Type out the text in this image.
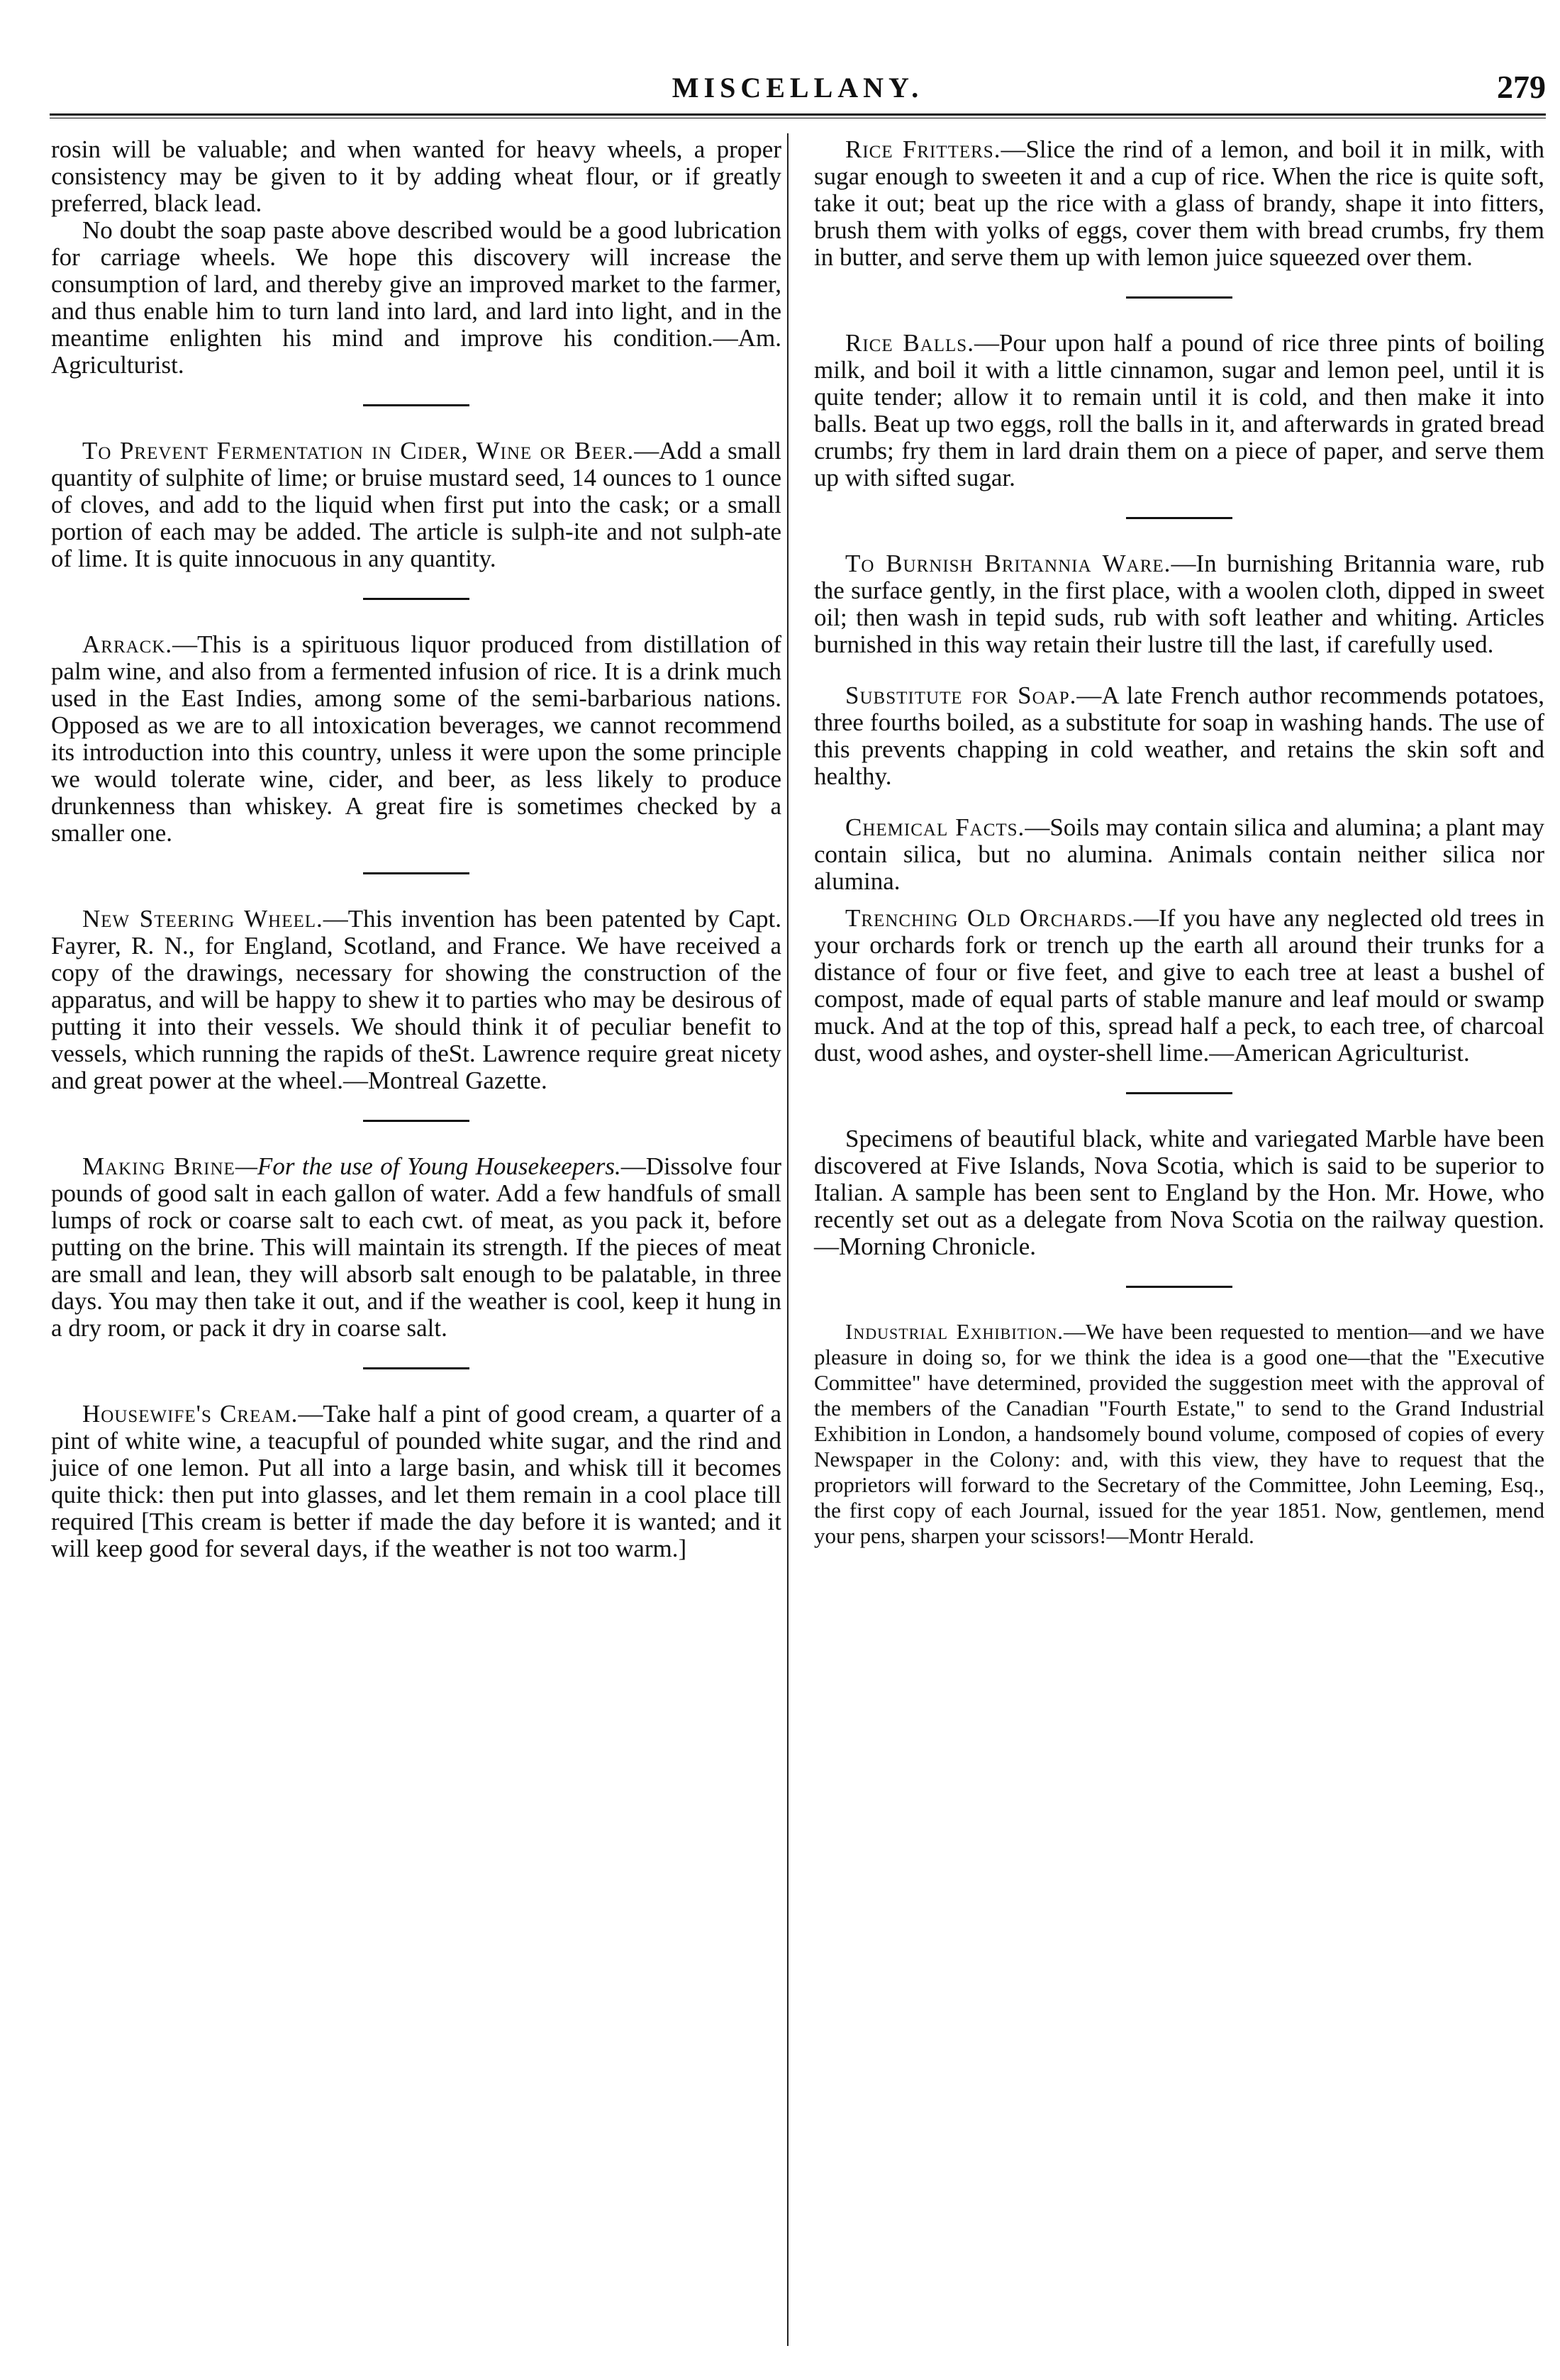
MISCELLANY.	279

rosin will be valuable; and when wanted for heavy wheels, a proper consistency may be given to it by adding wheat flour, or if greatly preferred, black lead.

No doubt the soap paste above described would be a good lubrication for carriage wheels. We hope this discovery will increase the consumption of lard, and thereby give an improved market to the farmer, and thus enable him to turn land into lard, and lard into light, and in the meantime enlighten his mind and improve his condition.—Am. Agriculturist.

To Prevent Fermentation in Cider, Wine or Beer.—Add a small quantity of sulphite of lime; or bruise mustard seed, 14 ounces to 1 ounce of cloves, and add to the liquid when first put into the cask; or a small portion of each may be added. The article is sulph-ite and not sulph-ate of lime. It is quite innocuous in any quantity.

Arrack.—This is a spirituous liquor produced from distillation of palm wine, and also from a fermented infusion of rice. It is a drink much used in the East Indies, among some of the semi-barbarious nations. Opposed as we are to all intoxication beverages, we cannot recommend its introduction into this country, unless it were upon the some principle we would tolerate wine, cider, and beer, as less likely to produce drunkenness than whiskey. A great fire is sometimes checked by a smaller one.

New Steering Wheel.—This invention has been patented by Capt. Fayrer, R. N., for England, Scotland, and France. We have received a copy of the drawings, necessary for showing the construction of the apparatus, and will be happy to shew it to parties who may be desirous of putting it into their vessels. We should think it of peculiar benefit to vessels, which running the rapids of theSt. Lawrence require great nicety and great power at the wheel.—Montreal Gazette.

Making Brine—For the use of Young Housekeepers.—Dissolve four pounds of good salt in each gallon of water. Add a few handfuls of small lumps of rock or coarse salt to each cwt. of meat, as you pack it, before putting on the brine. This will maintain its strength. If the pieces of meat are small and lean, they will absorb salt enough to be palatable, in three days. You may then take it out, and if the weather is cool, keep it hung in a dry room, or pack it dry in coarse salt.

Housewife's Cream.—Take half a pint of good cream, a quarter of a pint of white wine, a teacupful of pounded white sugar, and the rind and juice of one lemon. Put all into a large basin, and whisk till it becomes quite thick: then put into glasses, and let them remain in a cool place till required [This cream is better if made the day before it is wanted; and it will keep good for several days, if the weather is not too warm.]

Rice Fritters.—Slice the rind of a lemon, and boil it in milk, with sugar enough to sweeten it and a cup of rice. When the rice is quite soft, take it out; beat up the rice with a glass of brandy, shape it into fitters, brush them with yolks of eggs, cover them with bread crumbs, fry them in butter, and serve them up with lemon juice squeezed over them.

Rice Balls.—Pour upon half a pound of rice three pints of boiling milk, and boil it with a little cinnamon, sugar and lemon peel, until it is quite tender; allow it to remain until it is cold, and then make it into balls. Beat up two eggs, roll the balls in it, and afterwards in grated bread crumbs; fry them in lard drain them on a piece of paper, and serve them up with sifted sugar.

To Burnish Britannia Ware.—In burnishing Britannia ware, rub the surface gently, in the first place, with a woolen cloth, dipped in sweet oil; then wash in tepid suds, rub with soft leather and whiting. Articles burnished in this way retain their lustre till the last, if carefully used.

Substitute for Soap.—A late French author recommends potatoes, three fourths boiled, as a substitute for soap in washing hands. The use of this prevents chapping in cold weather, and retains the skin soft and healthy.

Chemical Facts.—Soils may contain silica and alumina; a plant may contain silica, but no alumina. Animals contain neither silica nor alumina.

Trenching Old Orchards.—If you have any neglected old trees in your orchards fork or trench up the earth all around their trunks for a distance of four or five feet, and give to each tree at least a bushel of compost, made of equal parts of stable manure and leaf mould or swamp muck. And at the top of this, spread half a peck, to each tree, of charcoal dust, wood ashes, and oyster-shell lime.—American Agriculturist.

Specimens of beautiful black, white and variegated Marble have been discovered at Five Islands, Nova Scotia, which is said to be superior to Italian. A sample has been sent to England by the Hon. Mr. Howe, who recently set out as a delegate from Nova Scotia on the railway question.—Morning Chronicle.

Industrial Exhibition.—We have been requested to mention—and we have pleasure in doing so, for we think the idea is a good one—that the "Executive Committee" have determined, provided the suggestion meet with the approval of the members of the Canadian "Fourth Estate," to send to the Grand Industrial Exhibition in London, a handsomely bound volume, composed of copies of every Newspaper in the Colony: and, with this view, they have to request that the proprietors will forward to the Secretary of the Committee, John Leeming, Esq., the first copy of each Journal, issued for the year 1851. Now, gentlemen, mend your pens, sharpen your scissors!—Montr Herald.
